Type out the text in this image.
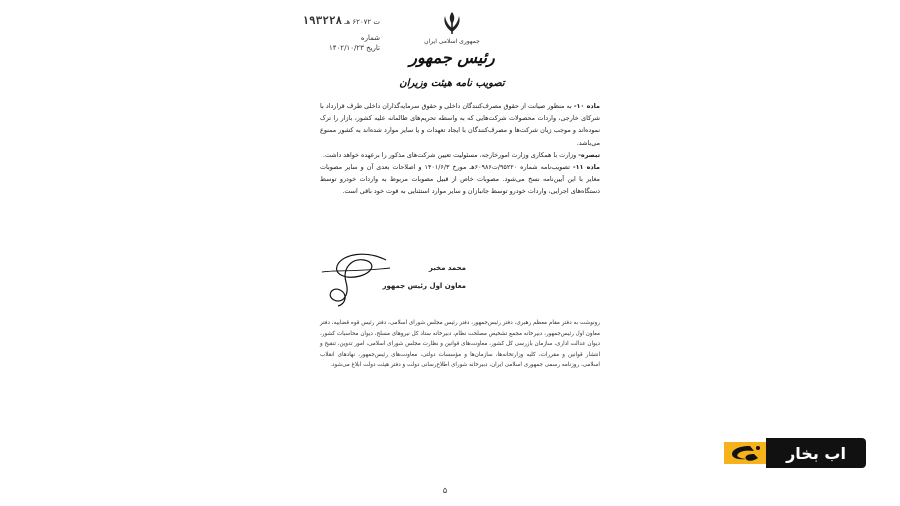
جمهوری اسلامی ایران
رئیس جمهور
تصویب نامه هیئت وزیران
ت ۶۲۰۷۲ هـ ۱۹۳۲۲۸
شماره
تاریخ ۱۴۰۲/۱۰/۲۳

ماده ۱۰- به منظور صیانت از حقوق مصرف‌کنندگان داخلی و حقوق سرمایه‌گذاران داخلی طرف قرارداد با شرکای خارجی، واردات محصولات شرکت‌هایی که به واسطه تحریم‌های ظالمانه علیه کشور، بازار را ترک نموده‌اند و موجب زیان شرکت‌ها و مصرف‌کنندگان با ایجاد تعهدات و یا سایر موارد شده‌اند به کشور ممنوع می‌باشد.

تبصره- وزارت با همکاری وزارت امورخارجه، مسئولیت تعیین شرکت‌های مذکور را برعهده خواهد داشت.

ماده ۱۱- تصویب‌نامه شماره ۹۵۲۲۰/ت۶۰۹۸۶هـ مورخ ۱۴۰۱/۶/۳ و اصلاحات بعدی آن و سایر مصوبات مغایر با این آیین‌نامه نسخ می‌شود. مصوبات خاص از قبیل مصوبات مربوط به واردات خودرو توسط دستگاه‌های اجرایی، واردات خودرو توسط جانبازان و سایر موارد استثنایی به قوت خود باقی است.

محمد مخبر
معاون اول رئیس جمهور
رونوشت به دفتر مقام معظم رهبری، دفتر رئیس‌جمهور، دفتر رئیس مجلس شورای اسلامی، دفتر رئیس قوه قضاییه، دفتر معاون اول رئیس‌جمهور، دبیرخانه مجمع تشخیص مصلحت نظام، دبیرخانه ستاد کل نیروهای مسلح، دیوان محاسبات کشور، دیوان عدالت اداری، سازمان بازرسی کل کشور، معاونت‌های قوانین و نظارت مجلس شورای اسلامی، امور تدوین، تنقیح و انتشار قوانین و مقررات، کلیه وزارتخانه‌ها، سازمان‌ها و مؤسسات دولتی، معاونت‌های رئیس‌جمهور، نهادهای انقلاب اسلامی، روزنامه رسمی جمهوری اسلامی ایران، دبیرخانه شورای اطلاع‌رسانی دولت و دفتر هیئت دولت ابلاغ می‌شود.
۵
اب بخار
